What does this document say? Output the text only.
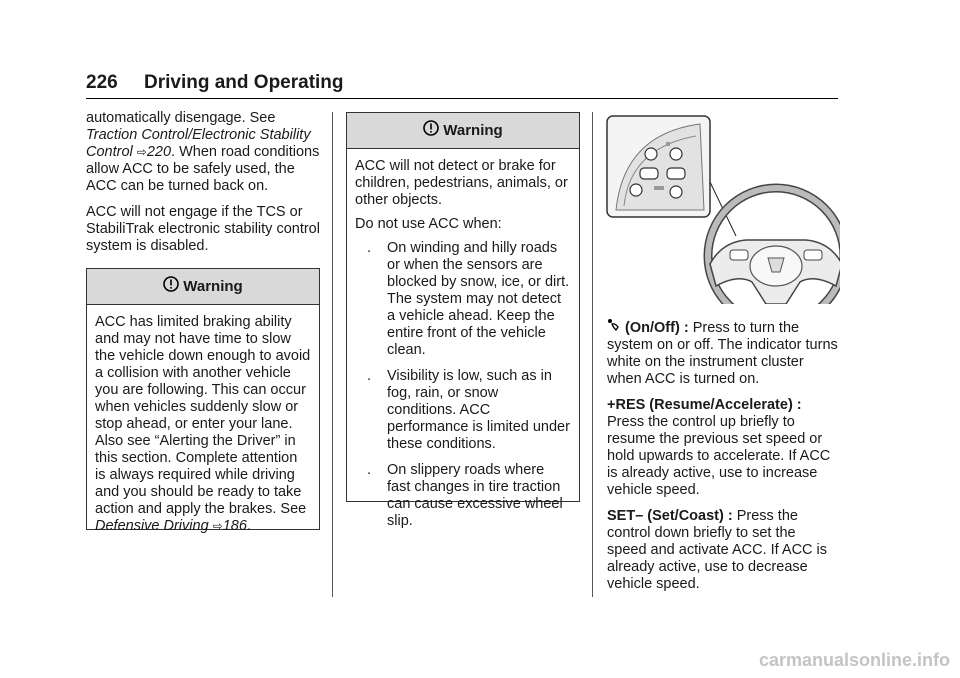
226 Driving and Operating

automatically disengage. See
Traction Control/Electronic Stability Control ⇨220. When road conditions allow ACC to be safely used, the ACC can be turned back on.

ACC will not engage if the TCS or StabiliTrak electronic stability control system is disabled.

Warning

ACC has limited braking ability and may not have time to slow the vehicle down enough to avoid a collision with another vehicle you are following. This can occur when vehicles suddenly slow or stop ahead, or enter your lane. Also see “Alerting the Driver” in this section. Complete attention is always required while driving and you should be ready to take action and apply the brakes. See Defensive Driving ⇨186.

Warning

ACC will not detect or brake for children, pedestrians, animals, or other objects.

Do not use ACC when:

. On winding and hilly roads or when the sensors are blocked by snow, ice, or dirt. The system may not detect a vehicle ahead. Keep the entire front of the vehicle clean.
. Visibility is low, such as in fog, rain, or snow conditions. ACC performance is limited under these conditions.
. On slippery roads where fast changes in tire traction can cause excessive wheel slip.

(On/Off) : Press to turn the system on or off. The indicator turns white on the instrument cluster when ACC is turned on.

+RES (Resume/Accelerate) :
Press the control up briefly to resume the previous set speed or hold upwards to accelerate. If ACC is already active, use to increase vehicle speed.

SET– (Set/Coast) : Press the control down briefly to set the speed and activate ACC. If ACC is already active, use to decrease vehicle speed.

carmanualsonline.info
